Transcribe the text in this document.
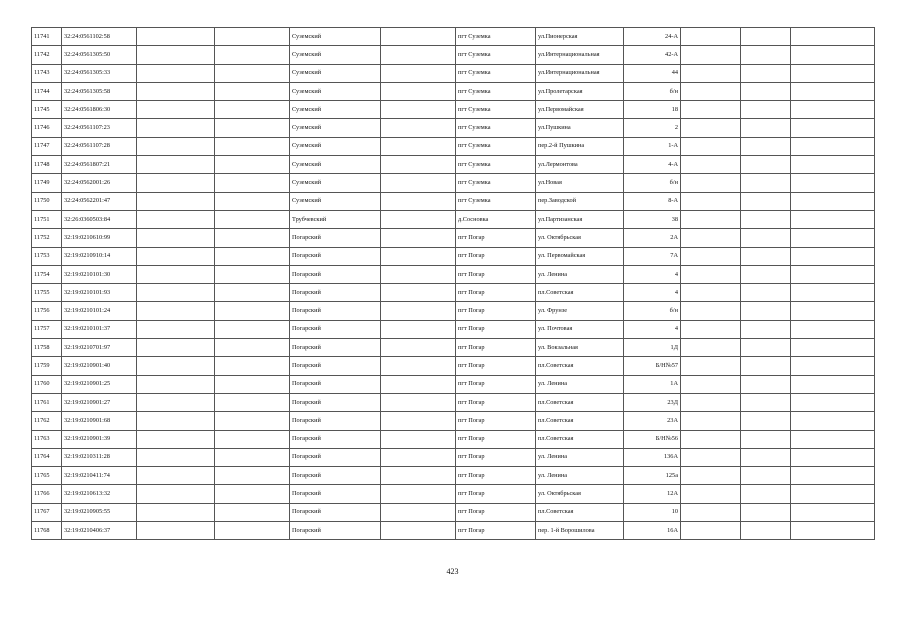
11741	32:24:0561102:58			Суземский		пгт Суземка	ул.Пионерская	24-А			
11742	32:24:0561305:50			Суземский		пгт Суземка	ул.Интернациональная	42-А			
11743	32:24:0561305:33			Суземский		пгт Суземка	ул.Интернациональная	44			
11744	32:24:0561305:58			Суземский		пгт Суземка	ул.Пролетарская	б/н			
11745	32:24:0561806:30			Суземский		пгт Суземка	ул.Первомайская	18			
11746	32:24:0561107:23			Суземский		пгт Суземка	ул.Пушкина	2			
11747	32:24:0561107:28			Суземский		пгт Суземка	пер.2-й Пушкина	1-А			
11748	32:24:0561807:21			Суземский		пгт Суземка	ул.Лермонтова	4-А			
11749	32:24:0562001:26			Суземский		пгт Суземка	ул.Новая	б/н			
11750	32:24:0562201:47			Суземский		пгт Суземка	пер.Заводской	8-А			
11751	32:26:0360503:84			Трубчевский		д.Сосновка	ул.Партизанская	38			
11752	32:19:0210610:99			Погарский		пгт Погар	ул. Октябрьская	2А			
11753	32:19:0210910:14			Погарский		пгт Погар	ул. Первомайская	7А			
11754	32:19:0210101:30			Погарский		пгт Погар	ул. Ленина	4			
11755	32:19:0210101:93			Погарский		пгт Погар	пл.Советская	4			
11756	32:19:0210101:24			Погарский		пгт Погар	ул. Фрунзе	б/н			
11757	32:19:0210101:37			Погарский		пгт Погар	ул. Почтовая	4			
11758	32:19:0210701:97			Погарский		пгт Погар	ул. Вокзальная	1Д			
11759	32:19:0210901:40			Погарский		пгт Погар	пл.Советская	Б/Н№57			
11760	32:19:0210901:25			Погарский		пгт Погар	ул. Ленина	1А			
11761	32:19:0210901:27			Погарский		пгт Погар	пл.Советская	23Д			
11762	32:19:0210901:68			Погарский		пгт Погар	пл.Советская	23А			
11763	32:19:0210901:39			Погарский		пгт Погар	пл.Советская	Б/Н№56			
11764	32:19:0210311:28			Погарский		пгт Погар	ул. Ленина	136А			
11765	32:19:0210411:74			Погарский		пгт Погар	ул. Ленина	125а			
11766	32:19:0210613:32			Погарский		пгт Погар	ул. Октябрьская	12А			
11767	32:19:0210905:55			Погарский		пгт Погар	пл.Советская	10			
11768	32:19:0210406:37			Погарский		пгт Погар	пер. 1-й Ворошилова	16А			
423
